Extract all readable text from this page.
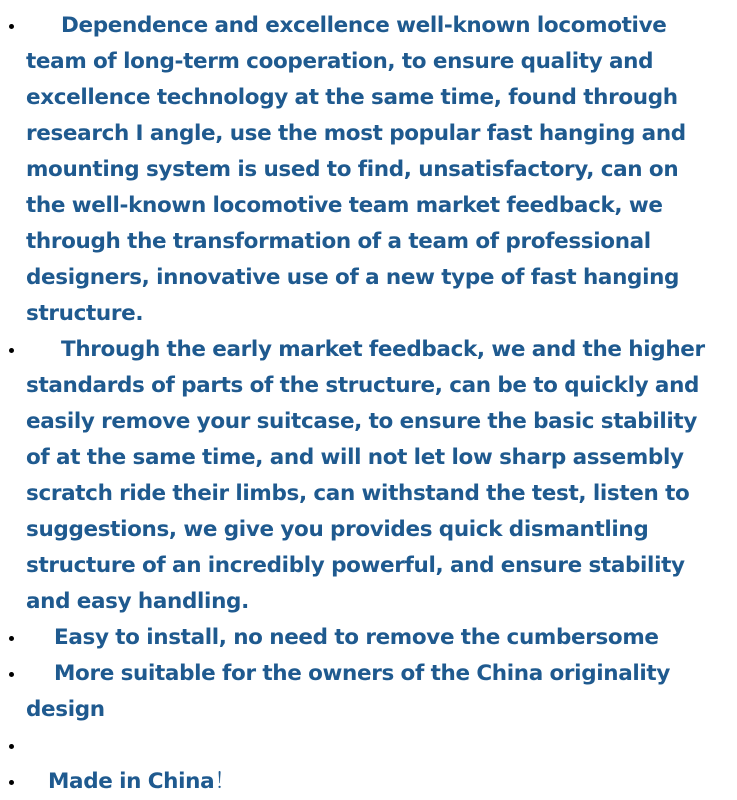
Dependence and excellence well-known locomotive team of long-term cooperation, to ensure quality and excellence technology at the same time, found through research I angle, use the most popular fast hanging and mounting system is used to find, unsatisfactory, can on the well-known locomotive team market feedback, we through the transformation of a team of professional designers, innovative use of a new type of fast hanging structure.
Through the early market feedback, we and the higher standards of parts of the structure, can be to quickly and easily remove your suitcase, to ensure the basic stability of at the same time, and will not let low sharp assembly scratch ride their limbs, can withstand the test, listen to suggestions, we give you provides quick dismantling structure of an incredibly powerful, and ensure stability and easy handling.
Easy to install, no need to remove the cumbersome
More suitable for the owners of the China originality design
Made in China！
